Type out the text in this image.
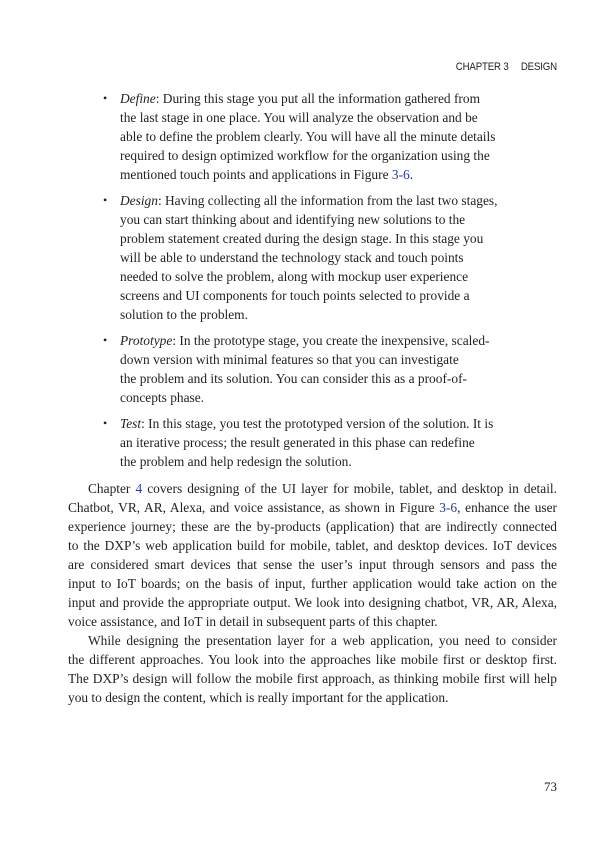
CHAPTER 3 DESIGN
• Define: During this stage you put all the information gathered from
the last stage in one place. You will analyze the observation and be
able to define the problem clearly. You will have all the minute details
required to design optimized workflow for the organization using the
mentioned touch points and applications in Figure 3-6.
• Design: Having collecting all the information from the last two stages,
you can start thinking about and identifying new solutions to the
problem statement created during the design stage. In this stage you
will be able to understand the technology stack and touch points
needed to solve the problem, along with mockup user experience
screens and UI components for touch points selected to provide a
solution to the problem.
• Prototype: In the prototype stage, you create the inexpensive, scaled-
down version with minimal features so that you can investigate
the problem and its solution. You can consider this as a proof-of-
concepts phase.
• Test: In this stage, you test the prototyped version of the solution. It is
an iterative process; the result generated in this phase can redefine
the problem and help redesign the solution.
Chapter 4 covers designing of the UI layer for mobile, tablet, and desktop in detail.
Chatbot, VR, AR, Alexa, and voice assistance, as shown in Figure 3-6, enhance the user
experience journey; these are the by-products (application) that are indirectly connected
to the DXP’s web application build for mobile, tablet, and desktop devices. IoT devices
are considered smart devices that sense the user’s input through sensors and pass the
input to IoT boards; on the basis of input, further application would take action on the
input and provide the appropriate output. We look into designing chatbot, VR, AR, Alexa,
voice assistance, and IoT in detail in subsequent parts of this chapter.
While designing the presentation layer for a web application, you need to consider
the different approaches. You look into the approaches like mobile first or desktop first.
The DXP’s design will follow the mobile first approach, as thinking mobile first will help
you to design the content, which is really important for the application.
73
